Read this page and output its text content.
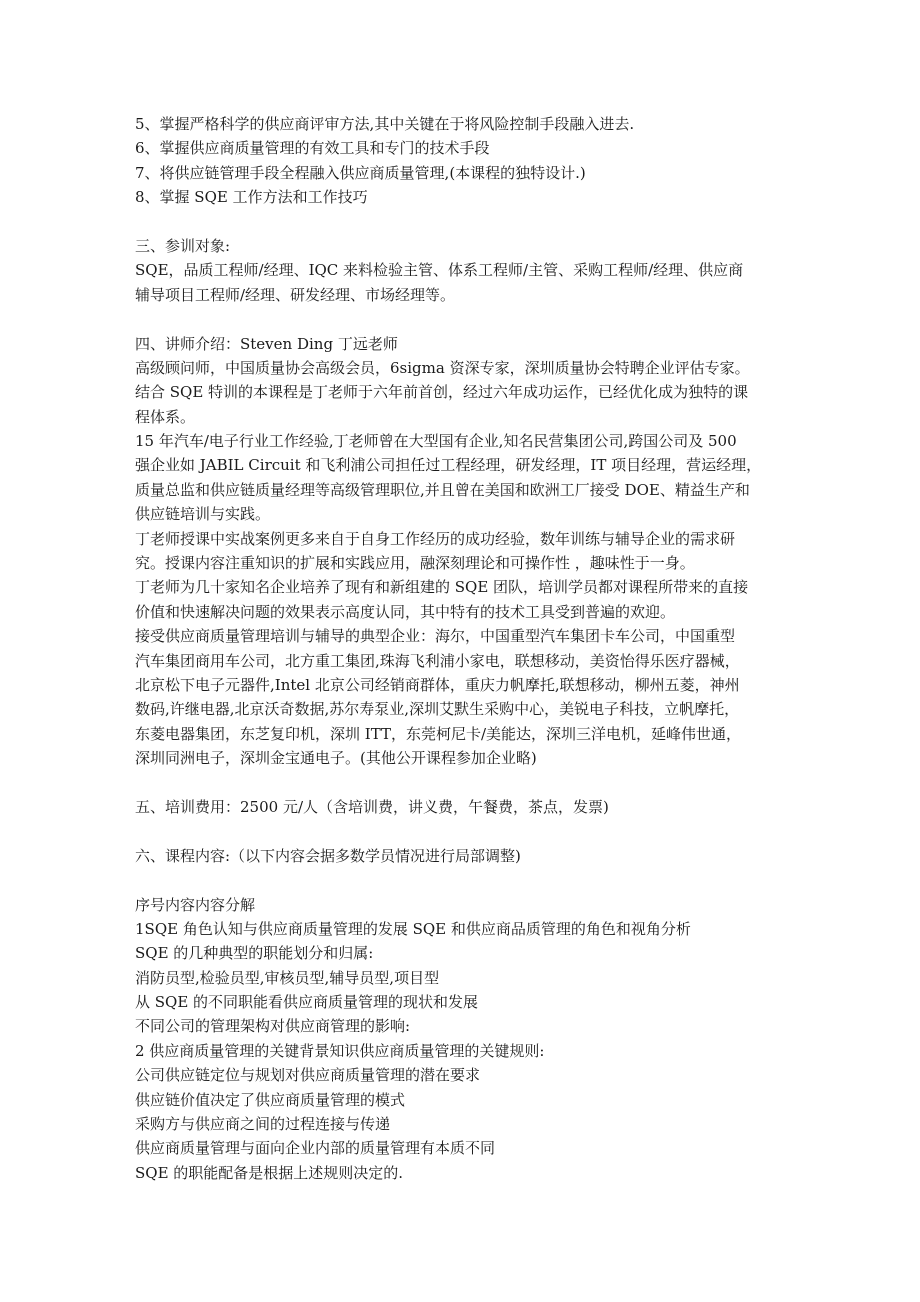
5、掌握严格科学的供应商评审方法,其中关键在于将风险控制手段融入进去.
6、掌握供应商质量管理的有效工具和专门的技术手段
7、将供应链管理手段全程融入供应商质量管理,(本课程的独特设计.)
8、掌握 SQE 工作方法和工作技巧
三、参训对象:
SQE，品质工程师/经理、IQC 来料检验主管、体系工程师/主管、采购工程师/经理、供应商
辅导项目工程师/经理、研发经理、市场经理等。
四、讲师介绍：Steven Ding 丁远老师
高级顾问师，中国质量协会高级会员，6sigma 资深专家，深圳质量协会特聘企业评估专家。
结合 SQE 特训的本课程是丁老师于六年前首创，经过六年成功运作，已经优化成为独特的课
程体系。
15 年汽车/电子行业工作经验,丁老师曾在大型国有企业,知名民营集团公司,跨国公司及 500
强企业如 JABIL Circuit 和飞利浦公司担任过工程经理，研发经理，IT 项目经理，营运经理，
质量总监和供应链质量经理等高级管理职位,并且曾在美国和欧洲工厂接受 DOE、精益生产和
供应链培训与实践。
丁老师授课中实战案例更多来自于自身工作经历的成功经验，数年训练与辅导企业的需求研
究。授课内容注重知识的扩展和实践应用，融深刻理论和可操作性 ，趣味性于一身。
丁老师为几十家知名企业培养了现有和新组建的 SQE 团队，培训学员都对课程所带来的直接
价值和快速解决问题的效果表示高度认同，其中特有的技术工具受到普遍的欢迎。
接受供应商质量管理培训与辅导的典型企业：海尔，中国重型汽车集团卡车公司，中国重型
汽车集团商用车公司，北方重工集团,珠海飞利浦小家电，联想移动，美资怡得乐医疗器械，
北京松下电子元器件,Intel 北京公司经销商群体，重庆力帆摩托,联想移动，柳州五菱，神州
数码,许继电器,北京沃奇数据,苏尔寿泵业,深圳艾默生采购中心，美锐电子科技，立帆摩托，
东菱电器集团，东芝复印机，深圳 ITT，东莞柯尼卡/美能达，深圳三洋电机，延峰伟世通，
深圳同洲电子，深圳金宝通电子。(其他公开课程参加企业略)
五、培训费用：2500 元/人（含培训费，讲义费，午餐费，茶点，发票)
六、课程内容:（以下内容会据多数学员情况进行局部调整)
序号内容内容分解
1SQE 角色认知与供应商质量管理的发展 SQE 和供应商品质管理的角色和视角分析
SQE 的几种典型的职能划分和归属:
消防员型,检验员型,审核员型,辅导员型,项目型
从 SQE 的不同职能看供应商质量管理的现状和发展
不同公司的管理架构对供应商管理的影响:
2 供应商质量管理的关键背景知识供应商质量管理的关键规则:
公司供应链定位与规划对供应商质量管理的潜在要求
供应链价值决定了供应商质量管理的模式
采购方与供应商之间的过程连接与传递
供应商质量管理与面向企业内部的质量管理有本质不同
SQE 的职能配备是根据上述规则决定的.
